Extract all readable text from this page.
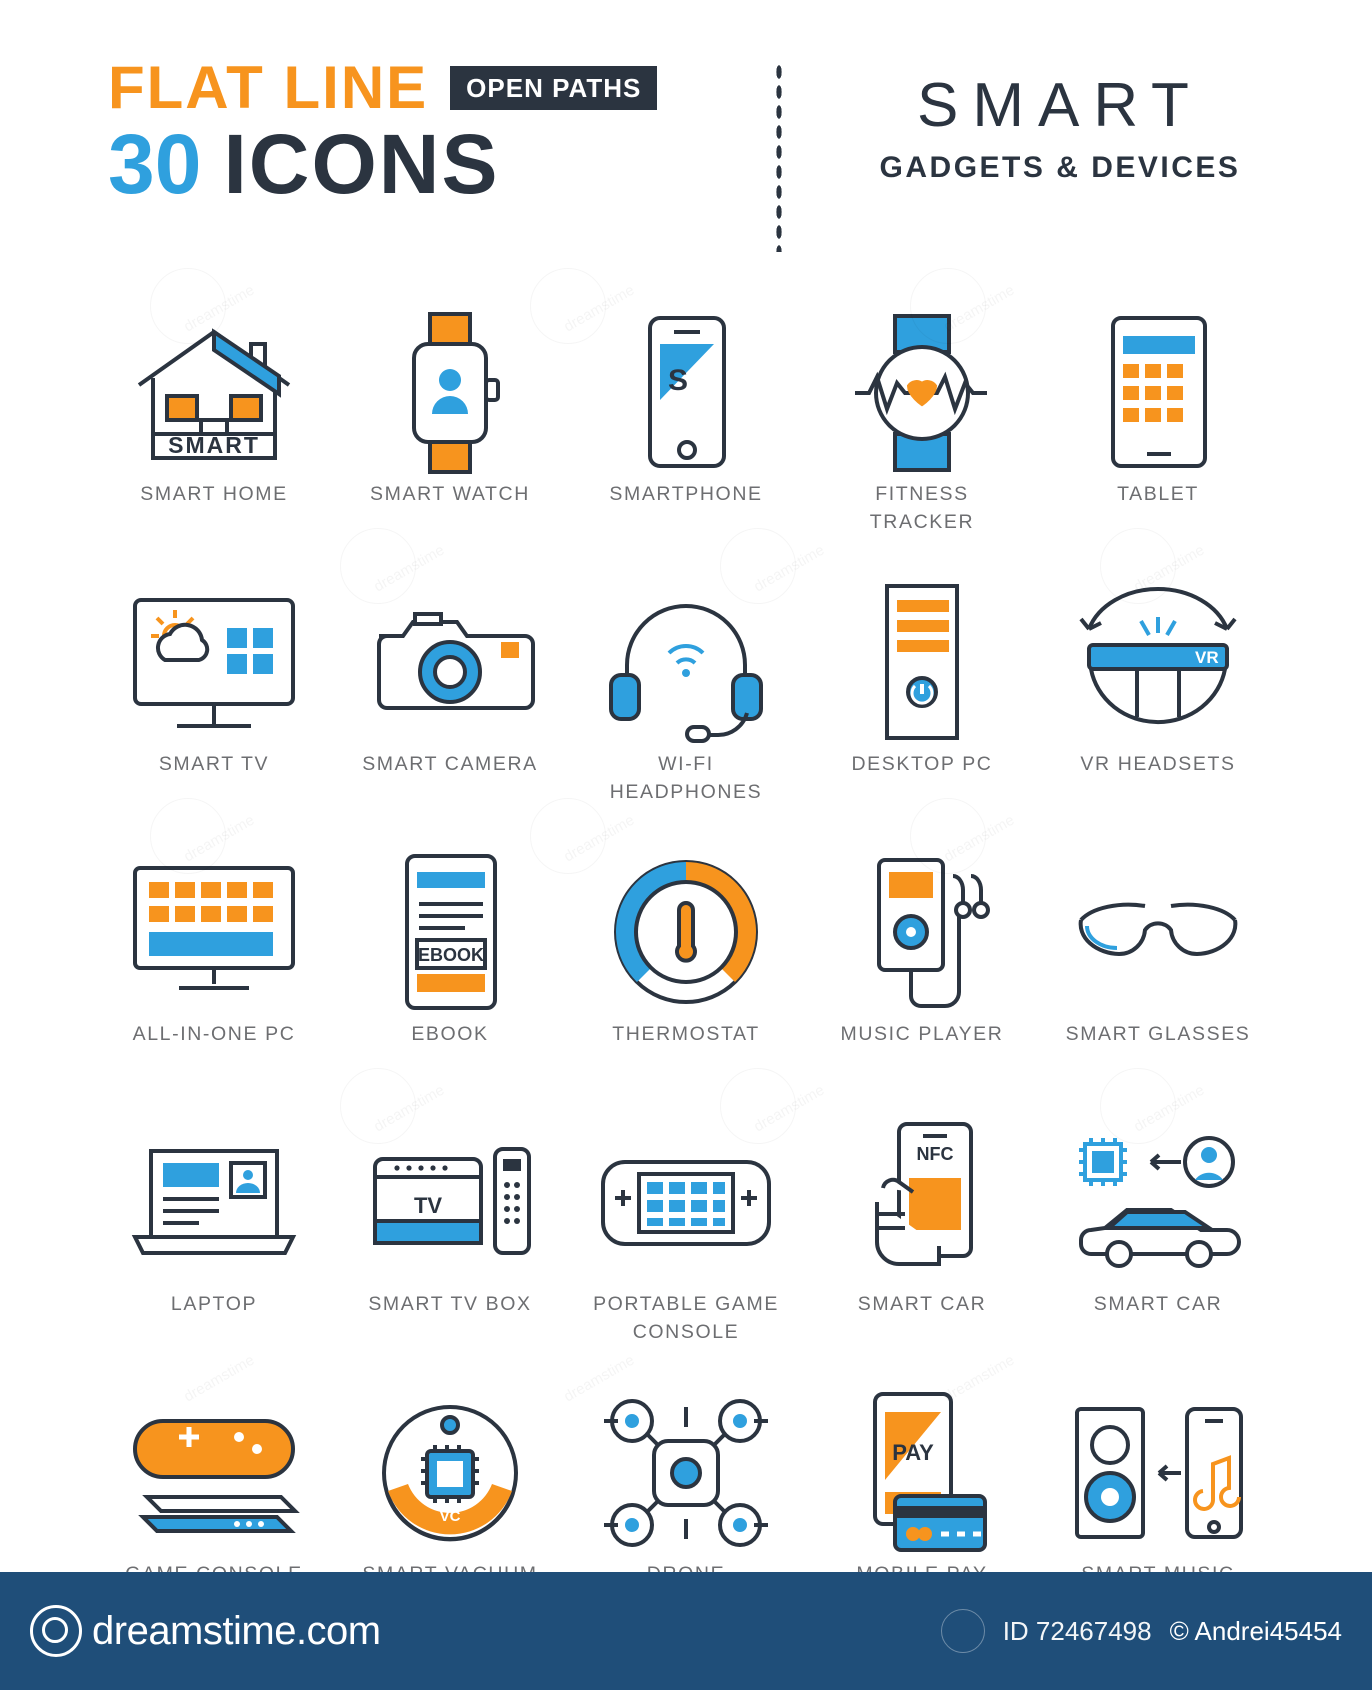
FLAT LINE	OPEN PATHS
30 ICONS
SMART
GADGETS & DEVICES
SMART
SMART HOME	SMART WATCH
S
SMARTPHONE	FITNESS TRACKER
TABLET
SMART TV	SMART CAMERA	WI-FI HEADPHONES
DESKTOP PC
VR
VR HEADSETS
ALL-IN-ONE PC
EBOOK
EBOOK	THERMOSTAT	MUSIC PLAYER	SMART GLASSES
LAPTOP
TV
SMART TV BOX	PORTABLE GAME CONSOLE
NFC
SMART CAR	SMART CAR
VC
PAY
dreamstime.com	ID 72467498 © Andrei45454
